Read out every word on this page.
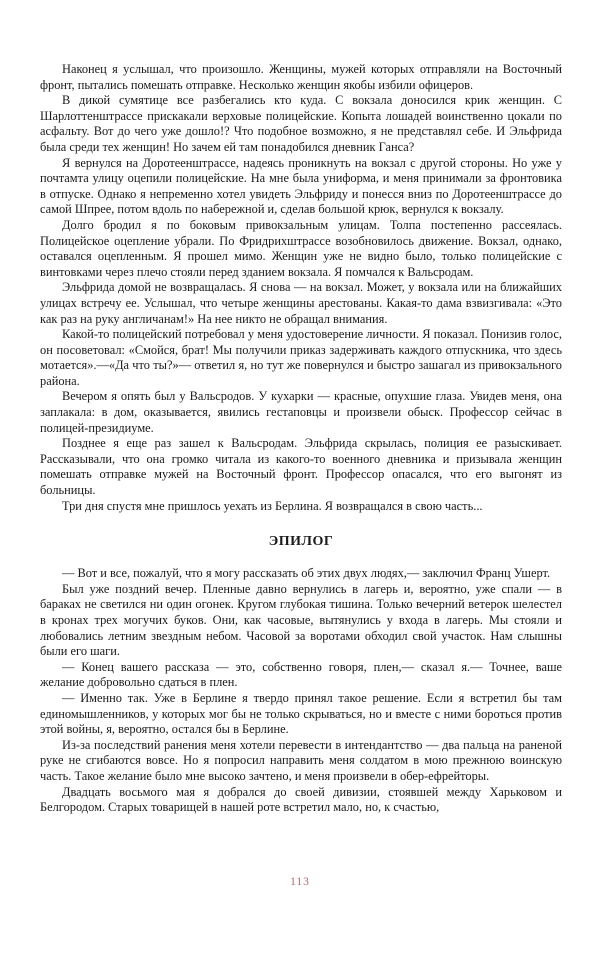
Наконец я услышал, что произошло. Женщины, мужей которых отправляли на Восточный фронт, пытались помешать отправке. Несколько женщин якобы избили офицеров.

В дикой сумятице все разбегались кто куда. С вокзала доносился крик женщин. С Шарлоттенштрассе прискакали верховые полицейские. Копыта лошадей воинственно цокали по асфальту. Вот до чего уже дошло!? Что подобное возможно, я не представлял себе. И Эльфрида была среди тех женщин! Но зачем ей там понадобился дневник Ганса?

Я вернулся на Доротеенштрассе, надеясь проникнуть на вокзал с другой стороны. Но уже у почтамта улицу оцепили полицейские. На мне была униформа, и меня принимали за фронтовика в отпуске. Однако я непременно хотел увидеть Эльфриду и понесся вниз по Доротеенштрассе до самой Шпрее, потом вдоль по набережной и, сделав большой крюк, вернулся к вокзалу.

Долго бродил я по боковым привокзальным улицам. Толпа постепенно рассеялась. Полицейское оцепление убрали. По Фридрихштрассе возобновилось движение. Вокзал, однако, оставался оцепленным. Я прошел мимо. Женщин уже не видно было, только полицейские с винтовками через плечо стояли перед зданием вокзала. Я помчался к Вальсродам.

Эльфрида домой не возвращалась. Я снова — на вокзал. Может, у вокзала или на ближайших улицах встречу ее. Услышал, что четыре женщины арестованы. Какая-то дама взвизгивала: «Это как раз на руку англичанам!» На нее никто не обращал внимания.

Какой-то полицейский потребовал у меня удостоверение личности. Я показал. Понизив голос, он посоветовал: «Смойся, брат! Мы получили приказ задерживать каждого отпускника, что здесь мотается».—«Да что ты?»— ответил я, но тут же повернулся и быстро зашагал из привокзального района.

Вечером я опять был у Вальсродов. У кухарки — красные, опухшие глаза. Увидев меня, она заплакала: в дом, оказывается, явились гестаповцы и произвели обыск. Профессор сейчас в полицей-президиуме.

Позднее я еще раз зашел к Вальсродам. Эльфрида скрылась, полиция ее разыскивает. Рассказывали, что она громко читала из какого-то военного дневника и призывала женщин помешать отправке мужей на Восточный фронт. Профессор опасался, что его выгонят из больницы.

Три дня спустя мне пришлось уехать из Берлина. Я возвращался в свою часть...

ЭПИЛОГ

— Вот и все, пожалуй, что я могу рассказать об этих двух людях,— заключил Франц Ушерт.

Был уже поздний вечер. Пленные давно вернулись в лагерь и, вероятно, уже спали — в бараках не светился ни один огонек. Кругом глубокая тишина. Только вечерний ветерок шелестел в кронах трех могучих буков. Они, как часовые, вытянулись у входа в лагерь. Мы стояли и любовались летним звездным небом. Часовой за воротами обходил свой участок. Нам слышны были его шаги.

— Конец вашего рассказа — это, собственно говоря, плен,— сказал я.— Точнее, ваше желание добровольно сдаться в плен.

— Именно так. Уже в Берлине я твердо принял такое решение. Если я встретил бы там единомышленников, у которых мог бы не только скрываться, но и вместе с ними бороться против этой войны, я, вероятно, остался бы в Берлине.

Из-за последствий ранения меня хотели перевести в интендантство — два пальца на раненой руке не сгибаются вовсе. Но я попросил направить меня солдатом в мою прежнюю воинскую часть. Такое желание было мне высоко зачтено, и меня произвели в обер-ефрейторы.

Двадцать восьмого мая я добрался до своей дивизии, стоявшей между Харьковом и Белгородом. Старых товарищей в нашей роте встретил мало, но, к счастью,

113
